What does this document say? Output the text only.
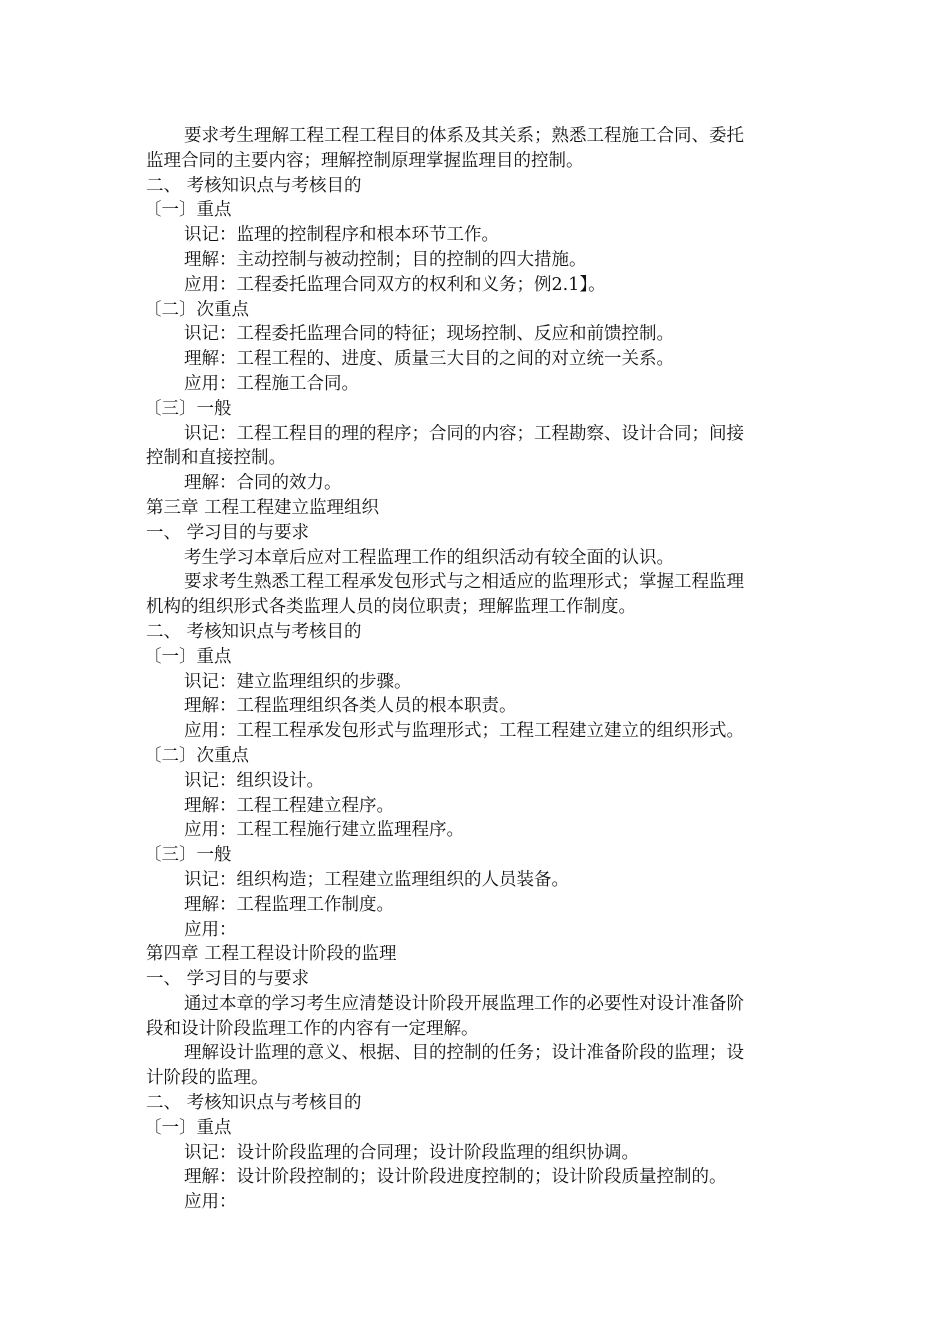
要求考生理解工程工程工程目的体系及其关系；熟悉工程施工合同、委托
监理合同的主要内容；理解控制原理掌握监理目的控制。
二、 考核知识点与考核目的
〔一〕重点
识记：监理的控制程序和根本环节工作。
理解：主动控制与被动控制；目的控制的四大措施。
应用：工程委托监理合同双方的权利和义务；例2.1】。
〔二〕次重点
识记：工程委托监理合同的特征；现场控制、反应和前馈控制。
理解：工程工程的、进度、质量三大目的之间的对立统一关系。
应用：工程施工合同。
〔三〕一般
识记：工程工程目的理的程序；合同的内容；工程勘察、设计合同；间接
控制和直接控制。
理解：合同的效力。
第三章 工程工程建立监理组织
一、 学习目的与要求
考生学习本章后应对工程监理工作的组织活动有较全面的认识。
要求考生熟悉工程工程承发包形式与之相适应的监理形式；掌握工程监理
机构的组织形式各类监理人员的岗位职责；理解监理工作制度。
二、 考核知识点与考核目的
〔一〕重点
识记：建立监理组织的步骤。
理解：工程监理组织各类人员的根本职责。
应用：工程工程承发包形式与监理形式；工程工程建立建立的组织形式。
〔二〕次重点
识记：组织设计。
理解：工程工程建立程序。
应用：工程工程施行建立监理程序。
〔三〕一般
识记：组织构造；工程建立监理组织的人员装备。
理解：工程监理工作制度。
应用：
第四章 工程工程设计阶段的监理
一、 学习目的与要求
通过本章的学习考生应清楚设计阶段开展监理工作的必要性对设计准备阶
段和设计阶段监理工作的内容有一定理解。
理解设计监理的意义、根据、目的控制的任务；设计准备阶段的监理；设
计阶段的监理。
二、 考核知识点与考核目的
〔一〕重点
识记：设计阶段监理的合同理；设计阶段监理的组织协调。
理解：设计阶段控制的；设计阶段进度控制的；设计阶段质量控制的。
应用：
